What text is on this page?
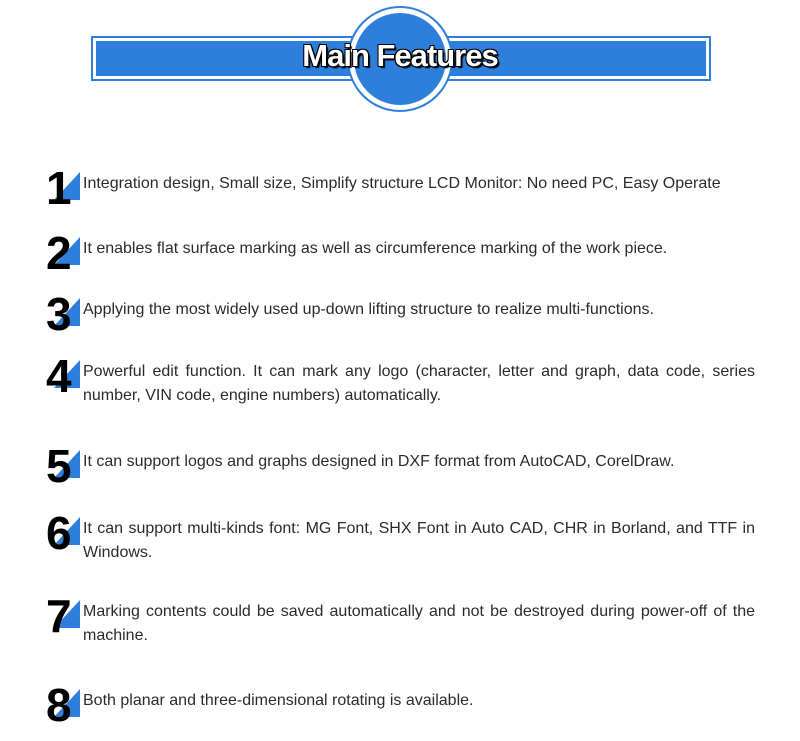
Main Features
1 Integration design, Small size, Simplify structure LCD Monitor: No need PC, Easy Operate
2 It enables flat surface marking as well as circumference marking of the work piece.
3 Applying the most widely used up-down lifting structure to realize multi-functions.
4 Powerful edit function. It can mark any logo (character, letter and graph, data code, series number, VIN code, engine numbers) automatically.
5 It can support logos and graphs designed in DXF format from AutoCAD, CorelDraw.
6 It can support multi-kinds font: MG Font, SHX Font in Auto CAD, CHR in Borland, and TTF in Windows.
7 Marking contents could be saved automatically and not be destroyed during power-off of the machine.
8 Both planar and three-dimensional rotating is available.
